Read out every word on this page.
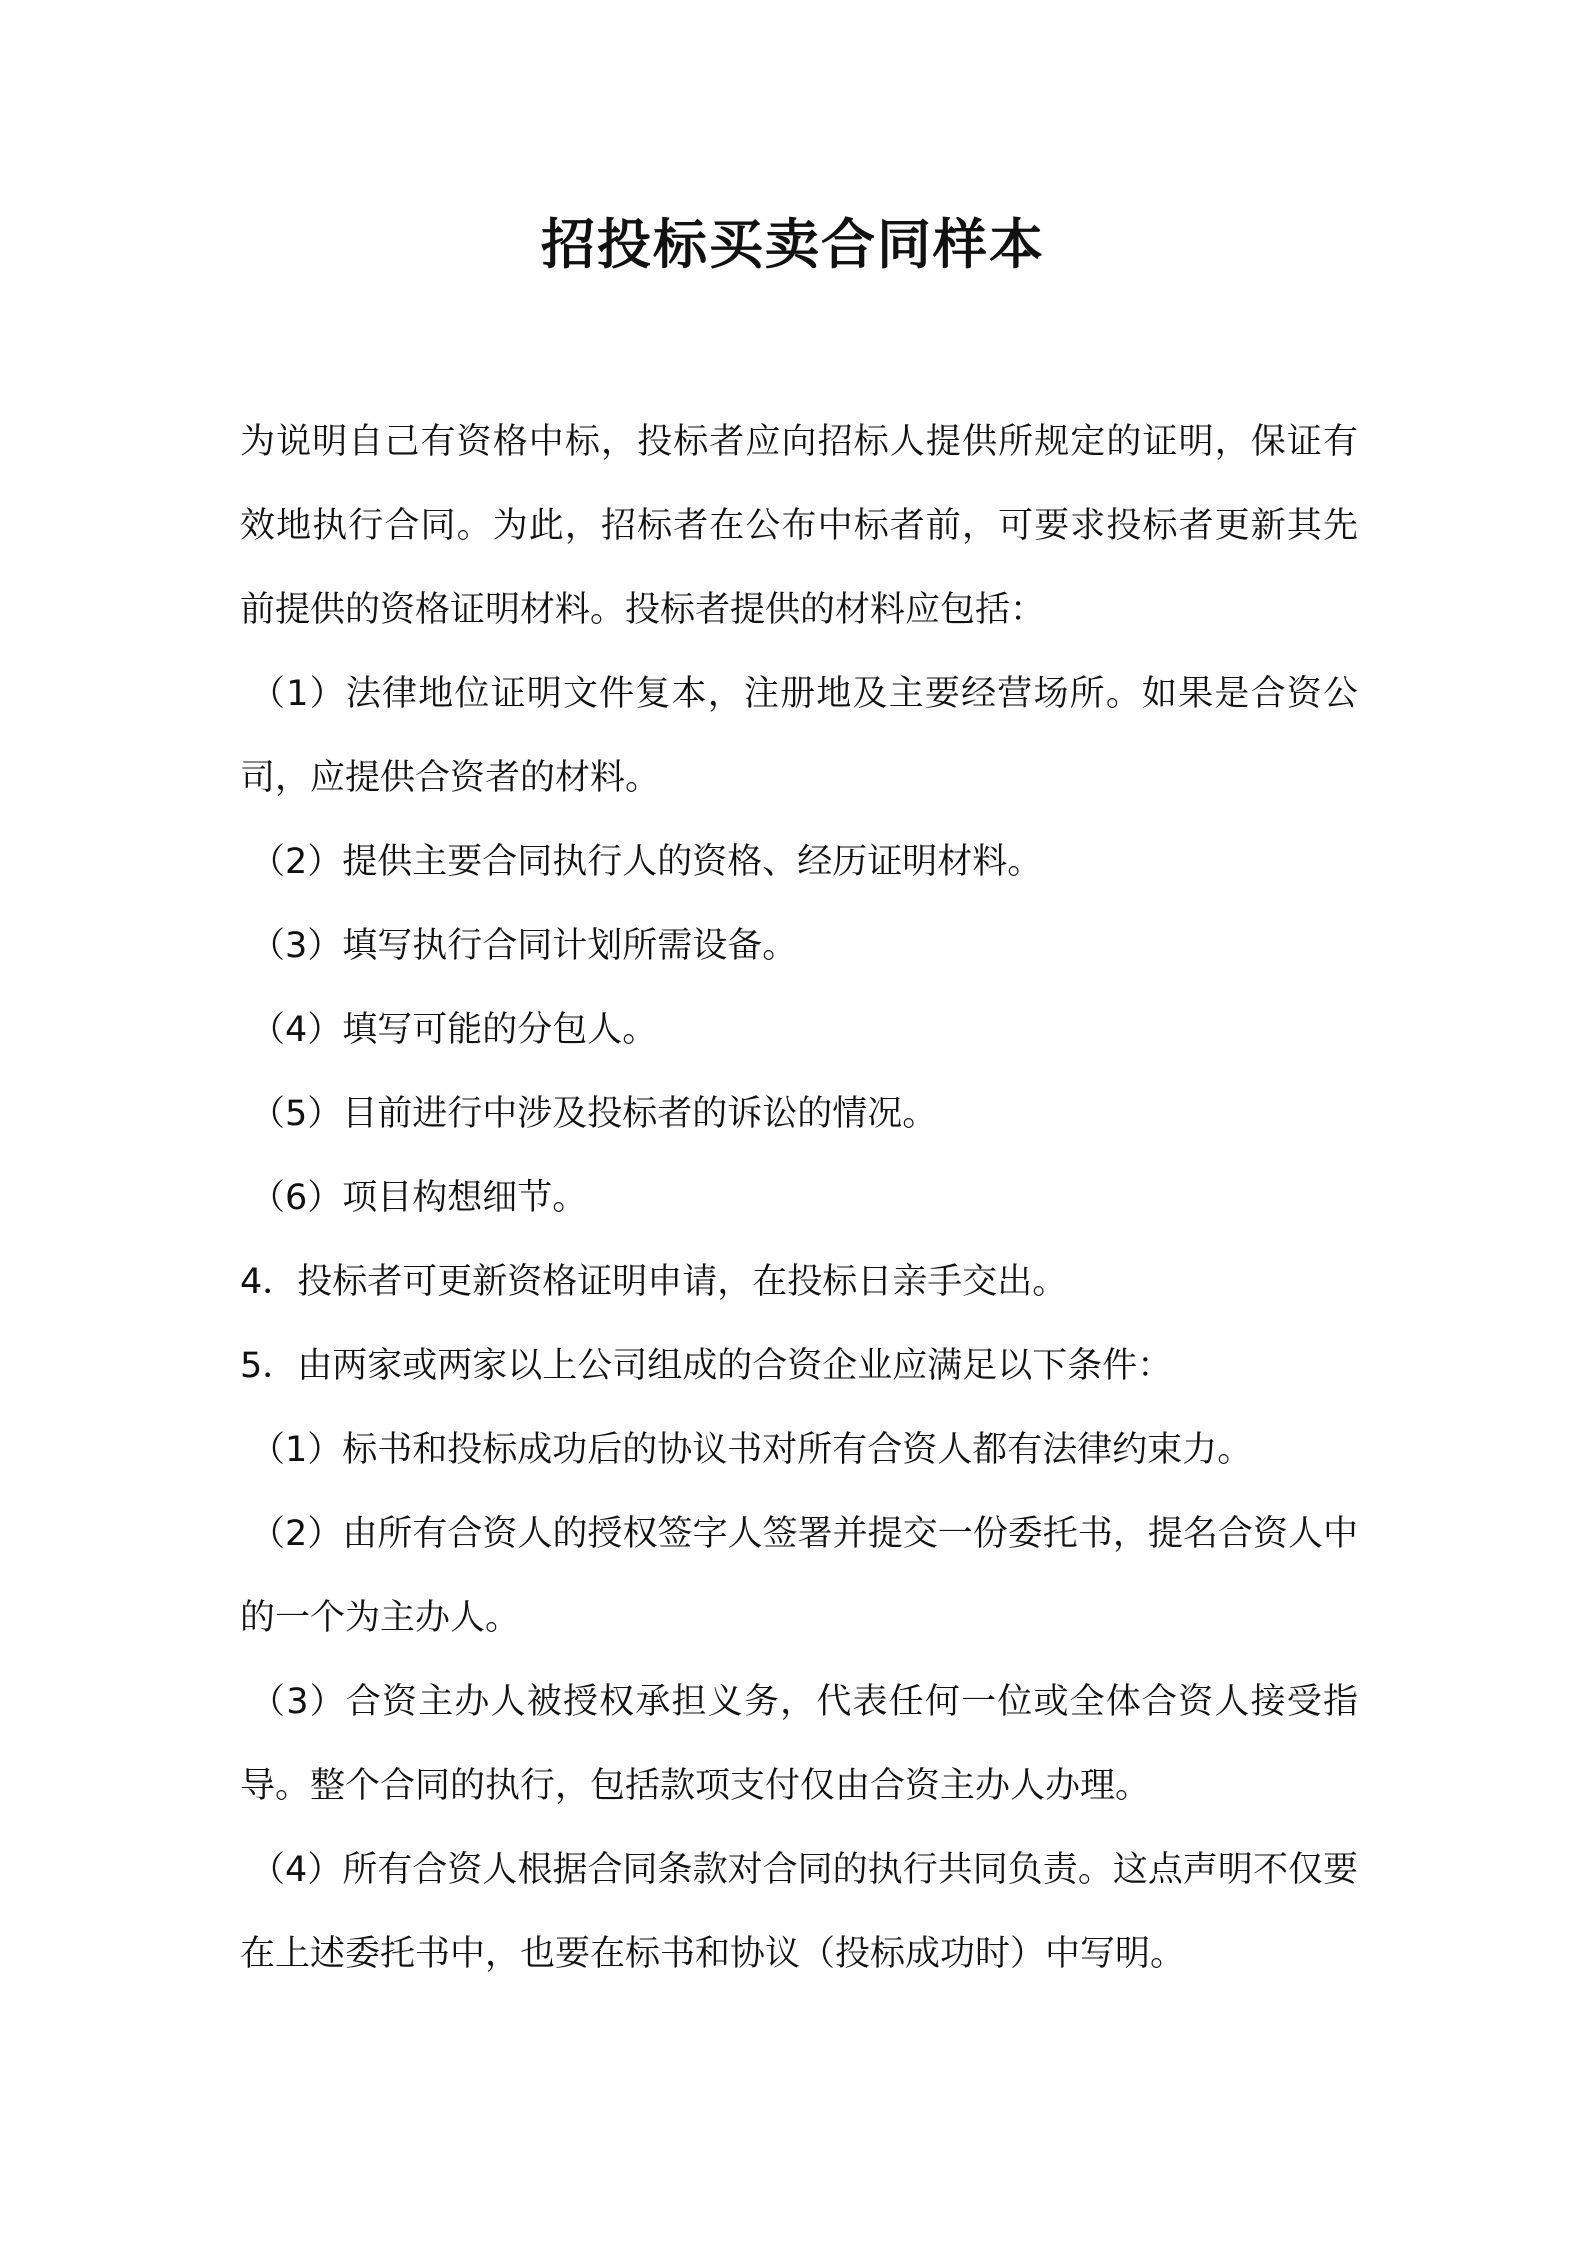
招投标买卖合同样本

为说明自己有资格中标，投标者应向招标人提供所规定的证明，保证有效地执行合同。为此，招标者在公布中标者前，可要求投标者更新其先前提供的资格证明材料。投标者提供的材料应包括：

（1）法律地位证明文件复本，注册地及主要经营场所。如果是合资公司，应提供合资者的材料。

（2）提供主要合同执行人的资格、经历证明材料。

（3）填写执行合同计划所需设备。

（4）填写可能的分包人。

（5）目前进行中涉及投标者的诉讼的情况。

（6）项目构想细节。

4．投标者可更新资格证明申请，在投标日亲手交出。

5．由两家或两家以上公司组成的合资企业应满足以下条件：

（1）标书和投标成功后的协议书对所有合资人都有法律约束力。

（2）由所有合资人的授权签字人签署并提交一份委托书，提名合资人中的一个为主办人。

（3）合资主办人被授权承担义务，代表任何一位或全体合资人接受指导。整个合同的执行，包括款项支付仅由合资主办人办理。

（4）所有合资人根据合同条款对合同的执行共同负责。这点声明不仅要在上述委托书中，也要在标书和协议（投标成功时）中写明。
